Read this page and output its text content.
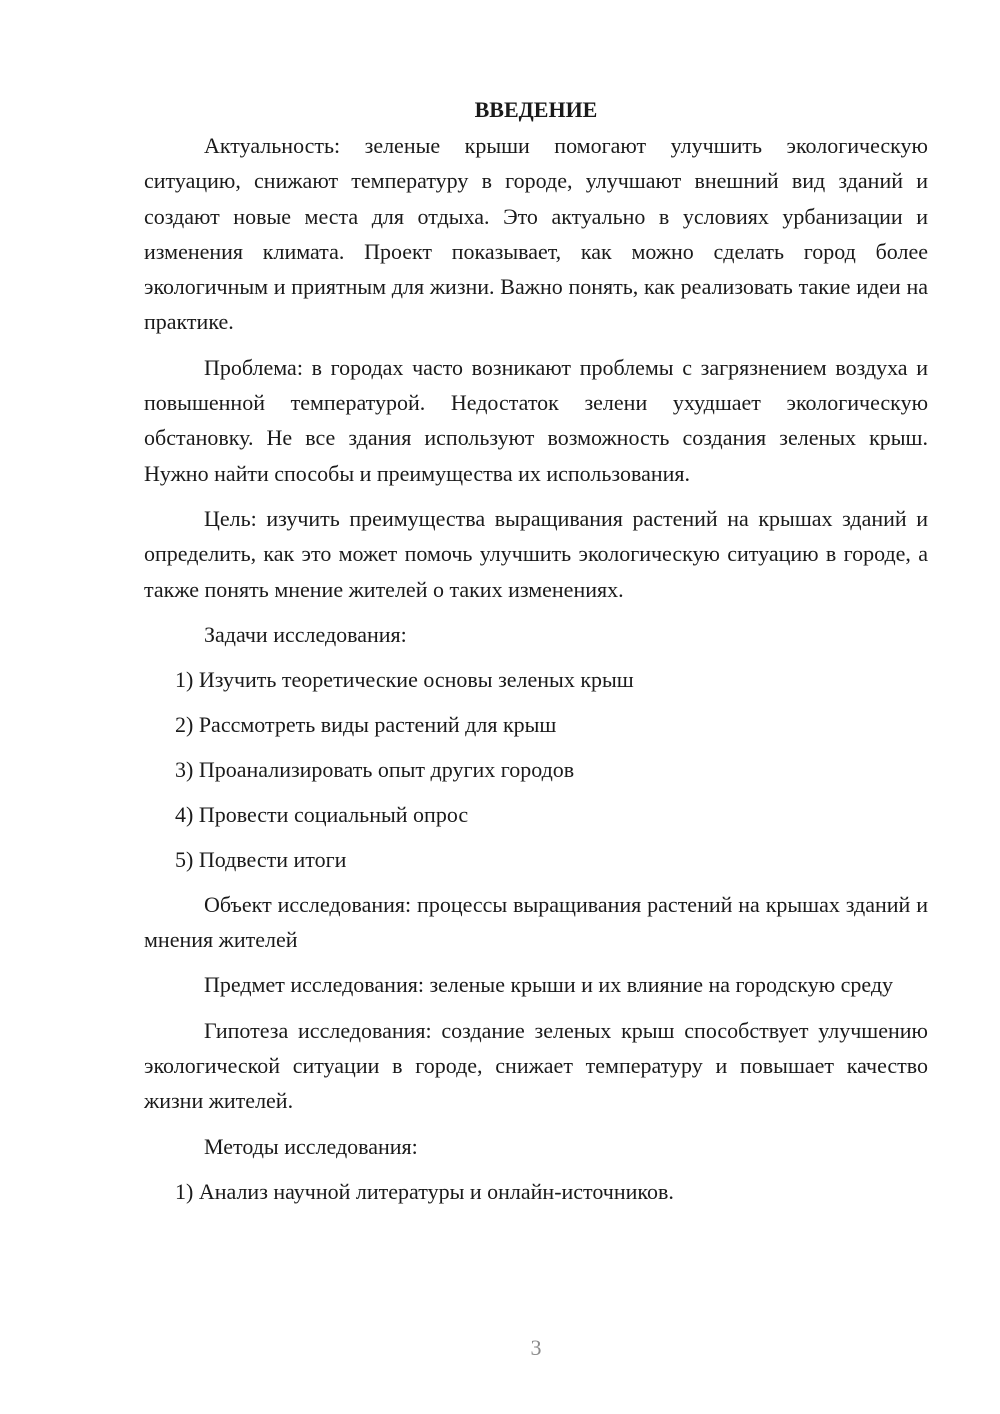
ВВЕДЕНИЕ

Актуальность: зеленые крыши помогают улучшить экологическую ситуацию, снижают температуру в городе, улучшают внешний вид зданий и создают новые места для отдыха. Это актуально в условиях урбанизации и изменения климата. Проект показывает, как можно сделать город более экологичным и приятным для жизни. Важно понять, как реализовать такие идеи на практике.

Проблема: в городах часто возникают проблемы с загрязнением воздуха и повышенной температурой. Недостаток зелени ухудшает экологическую обстановку. Не все здания используют возможность создания зеленых крыш. Нужно найти способы и преимущества их использования.

Цель: изучить преимущества выращивания растений на крышах зданий и определить, как это может помочь улучшить экологическую ситуацию в городе, а также понять мнение жителей о таких изменениях.

Задачи исследования:

1) Изучить теоретические основы зеленых крыш
2) Рассмотреть виды растений для крыш
3) Проанализировать опыт других городов
4) Провести социальный опрос
5) Подвести итоги

Объект исследования: процессы выращивания растений на крышах зданий и мнения жителей

Предмет исследования: зеленые крыши и их влияние на городскую среду

Гипотеза исследования: создание зеленых крыш способствует улучшению экологической ситуации в городе, снижает температуру и повышает качество жизни жителей.

Методы исследования:

1) Анализ научной литературы и онлайн-источников.
3
